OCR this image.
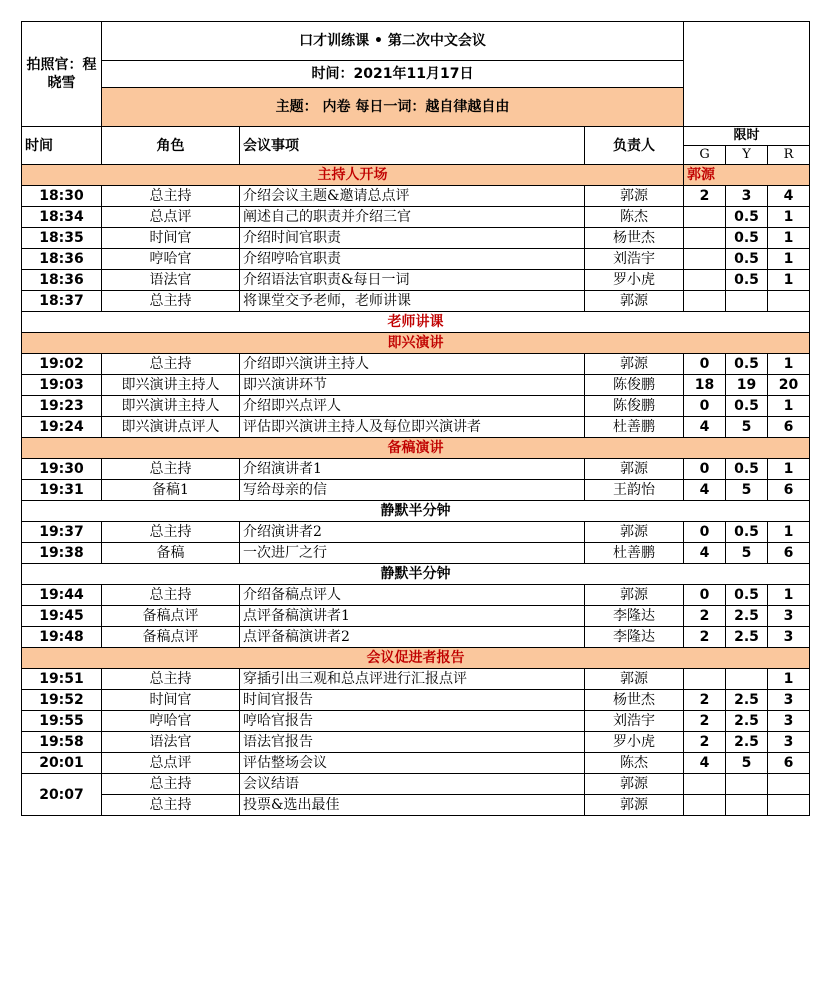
拍照官：程晓雪	口才训练课 • 第二次中文会议					
	时间：2021年11月17日					
	主题： 内卷 每日一词：越自律越自由					
时间	角色	会议事项	负责人	限时		
				G	Y	R
主持人开场				郭源		
18:30	总主持	介绍会议主题&邀请总点评	郭源	2	3	4
18:34	总点评	阐述自己的职责并介绍三官	陈杰		0.5	1
18:35	时间官	介绍时间官职责	杨世杰		0.5	1
18:36	哼哈官	介绍哼哈官职责	刘浩宇		0.5	1
18:36	语法官	介绍语法官职责&每日一词	罗小虎		0.5	1
18:37	总主持	将课堂交予老师，老师讲课	郭源			
老师讲课						
即兴演讲						
19:02	总主持	介绍即兴演讲主持人	郭源	0	0.5	1
19:03	即兴演讲主持人	即兴演讲环节	陈俊鹏	18	19	20
19:23	即兴演讲主持人	介绍即兴点评人	陈俊鹏	0	0.5	1
19:24	即兴演讲点评人	评估即兴演讲主持人及每位即兴演讲者	杜善鹏	4	5	6
备稿演讲						
19:30	总主持	介绍演讲者1	郭源	0	0.5	1
19:31	备稿1	写给母亲的信	王韵怡	4	5	6
静默半分钟						
19:37	总主持	介绍演讲者2	郭源	0	0.5	1
19:38	备稿	一次进厂之行	杜善鹏	4	5	6
静默半分钟						
19:44	总主持	介绍备稿点评人	郭源	0	0.5	1
19:45	备稿点评	点评备稿演讲者1	李隆达	2	2.5	3
19:48	备稿点评	点评备稿演讲者2	李隆达	2	2.5	3
会议促进者报告						
19:51	总主持	穿插引出三观和总点评进行汇报点评	郭源			1
19:52	时间官	时间官报告	杨世杰	2	2.5	3
19:55	哼哈官	哼哈官报告	刘浩宇	2	2.5	3
19:58	语法官	语法官报告	罗小虎	2	2.5	3
20:01	总点评	评估整场会议	陈杰	4	5	6
20:07	总主持	会议结语	郭源			
	总主持	投票&选出最佳	郭源			
